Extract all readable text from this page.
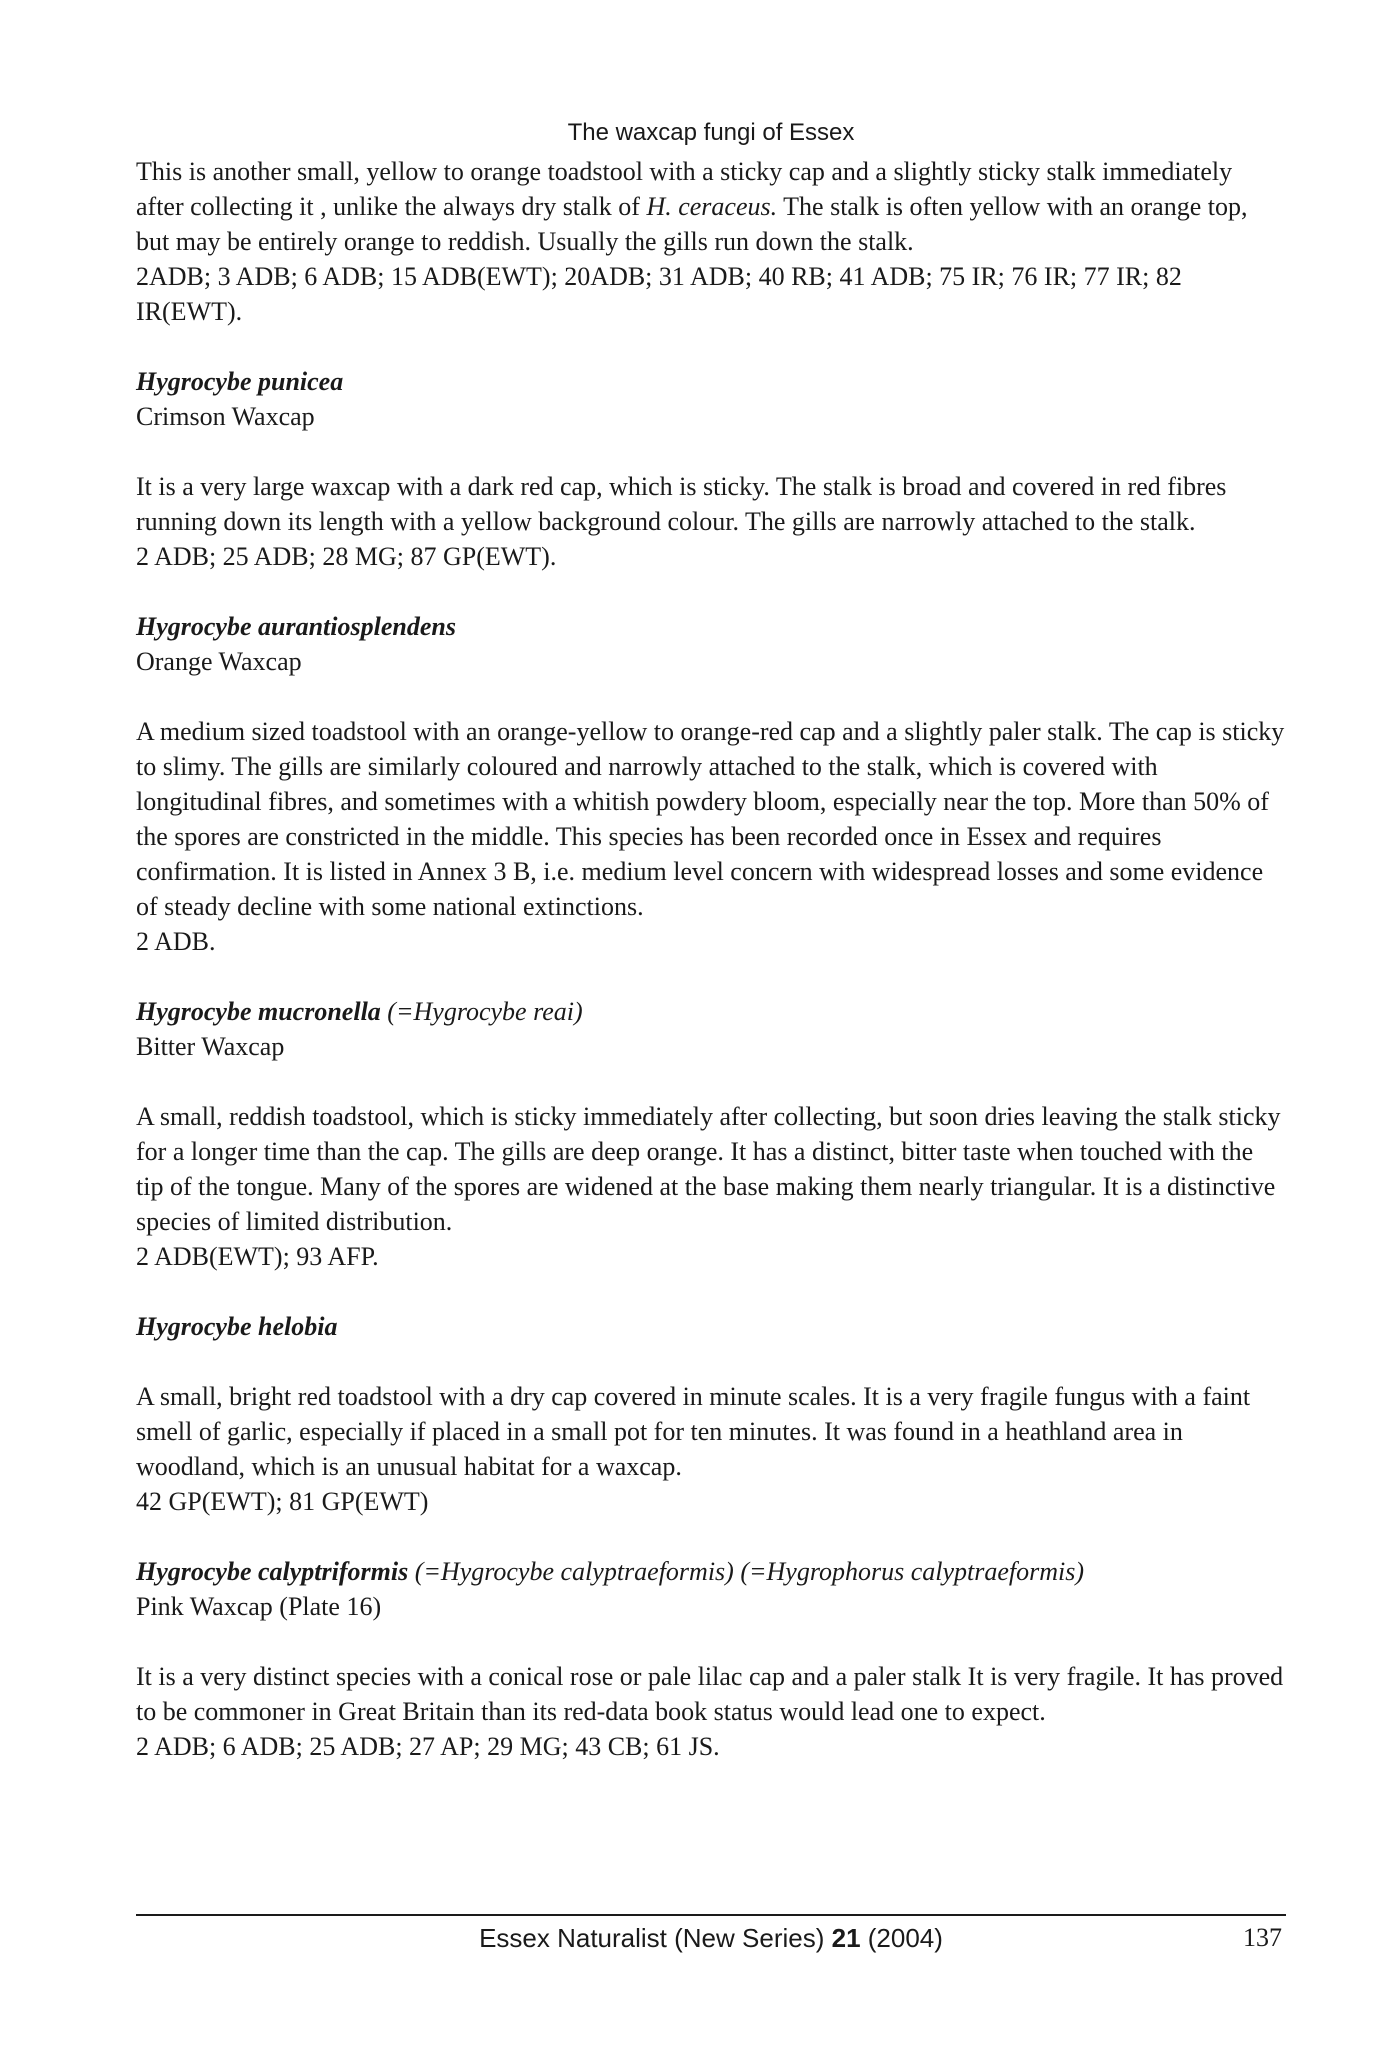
The waxcap fungi of Essex

This is another small, yellow to orange toadstool with a sticky cap and a slightly sticky stalk immediately after collecting it , unlike the always dry stalk of H. ceraceus. The stalk is often yellow with an orange top, but may be entirely orange to reddish. Usually the gills run down the stalk.

2ADB; 3 ADB; 6 ADB; 15 ADB(EWT); 20ADB; 31 ADB; 40 RB; 41 ADB; 75 IR; 76 IR; 77 IR; 82 IR(EWT).

Hygrocybe punicea

Crimson Waxcap

It is a very large waxcap with a dark red cap, which is sticky. The stalk is broad and covered in red fibres running down its length with a yellow background colour. The gills are narrowly attached to the stalk.

2 ADB; 25 ADB; 28 MG; 87 GP(EWT).

Hygrocybe aurantiosplendens

Orange Waxcap

A medium sized toadstool with an orange-yellow to orange-red cap and a slightly paler stalk. The cap is sticky to slimy. The gills are similarly coloured and narrowly attached to the stalk, which is covered with longitudinal fibres, and sometimes with a whitish powdery bloom, especially near the top. More than 50% of the spores are constricted in the middle. This species has been recorded once in Essex and requires confirmation. It is listed in Annex 3 B, i.e. medium level concern with widespread losses and some evidence of steady decline with some national extinctions.

2 ADB.

Hygrocybe mucronella (=Hygrocybe reai)

Bitter Waxcap

A small, reddish toadstool, which is sticky immediately after collecting, but soon dries leaving the stalk sticky for a longer time than the cap. The gills are deep orange. It has a distinct, bitter taste when touched with the tip of the tongue. Many of the spores are widened at the base making them nearly triangular. It is a distinctive species of limited distribution.

2 ADB(EWT); 93 AFP.

Hygrocybe helobia

A small, bright red toadstool with a dry cap covered in minute scales. It is a very fragile fungus with a faint smell of garlic, especially if placed in a small pot for ten minutes. It was found in a heathland area in woodland, which is an unusual habitat for a waxcap.

42 GP(EWT); 81 GP(EWT)

Hygrocybe calyptriformis (=Hygrocybe calyptraeformis) (=Hygrophorus calyptraeformis)

Pink Waxcap (Plate 16)

It is a very distinct species with a conical rose or pale lilac cap and a paler stalk It is very fragile. It has proved to be commoner in Great Britain than its red-data book status would lead one to expect.

2 ADB; 6 ADB; 25 ADB; 27 AP; 29 MG; 43 CB; 61 JS.

Essex Naturalist (New Series) 21 (2004)	137
